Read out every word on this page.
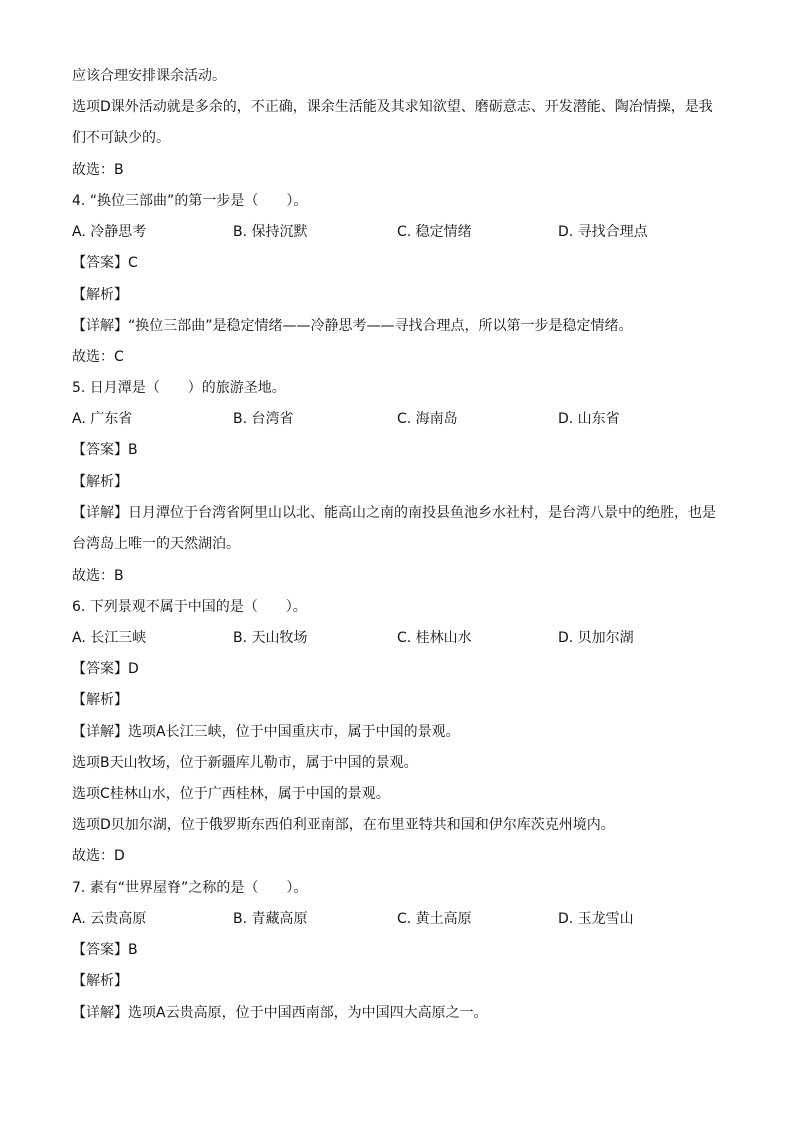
应该合理安排课余活动。
选项D课外活动就是多余的，不正确，课余生活能及其求知欲望、磨砺意志、开发潜能、陶冶情操，是我们不可缺少的。
故选：B
4. “换位三部曲”的第一步是（　　）。
A. 冷静思考	B. 保持沉默	C. 稳定情绪	D. 寻找合理点
【答案】C
【解析】
【详解】“换位三部曲”是稳定情绪——冷静思考——寻找合理点，所以第一步是稳定情绪。
故选：C
5. 日月潭是（　　）的旅游圣地。
A. 广东省	B. 台湾省	C. 海南岛	D. 山东省
【答案】B
【解析】
【详解】日月潭位于台湾省阿里山以北、能高山之南的南投县鱼池乡水社村，是台湾八景中的绝胜，也是台湾岛上唯一的天然湖泊。
故选：B
6. 下列景观不属于中国的是（　　）。
A. 长江三峡	B. 天山牧场	C. 桂林山水	D. 贝加尔湖
【答案】D
【解析】
【详解】选项A长江三峡，位于中国重庆市，属于中国的景观。
选项B天山牧场，位于新疆库儿勒市，属于中国的景观。
选项C桂林山水，位于广西桂林，属于中国的景观。
选项D贝加尔湖，位于俄罗斯东西伯利亚南部，在布里亚特共和国和伊尔库茨克州境内。
故选：D
7. 素有“世界屋脊”之称的是（　　）。
A. 云贵高原	B. 青藏高原	C. 黄土高原	D. 玉龙雪山
【答案】B
【解析】
【详解】选项A云贵高原，位于中国西南部，为中国四大高原之一。
